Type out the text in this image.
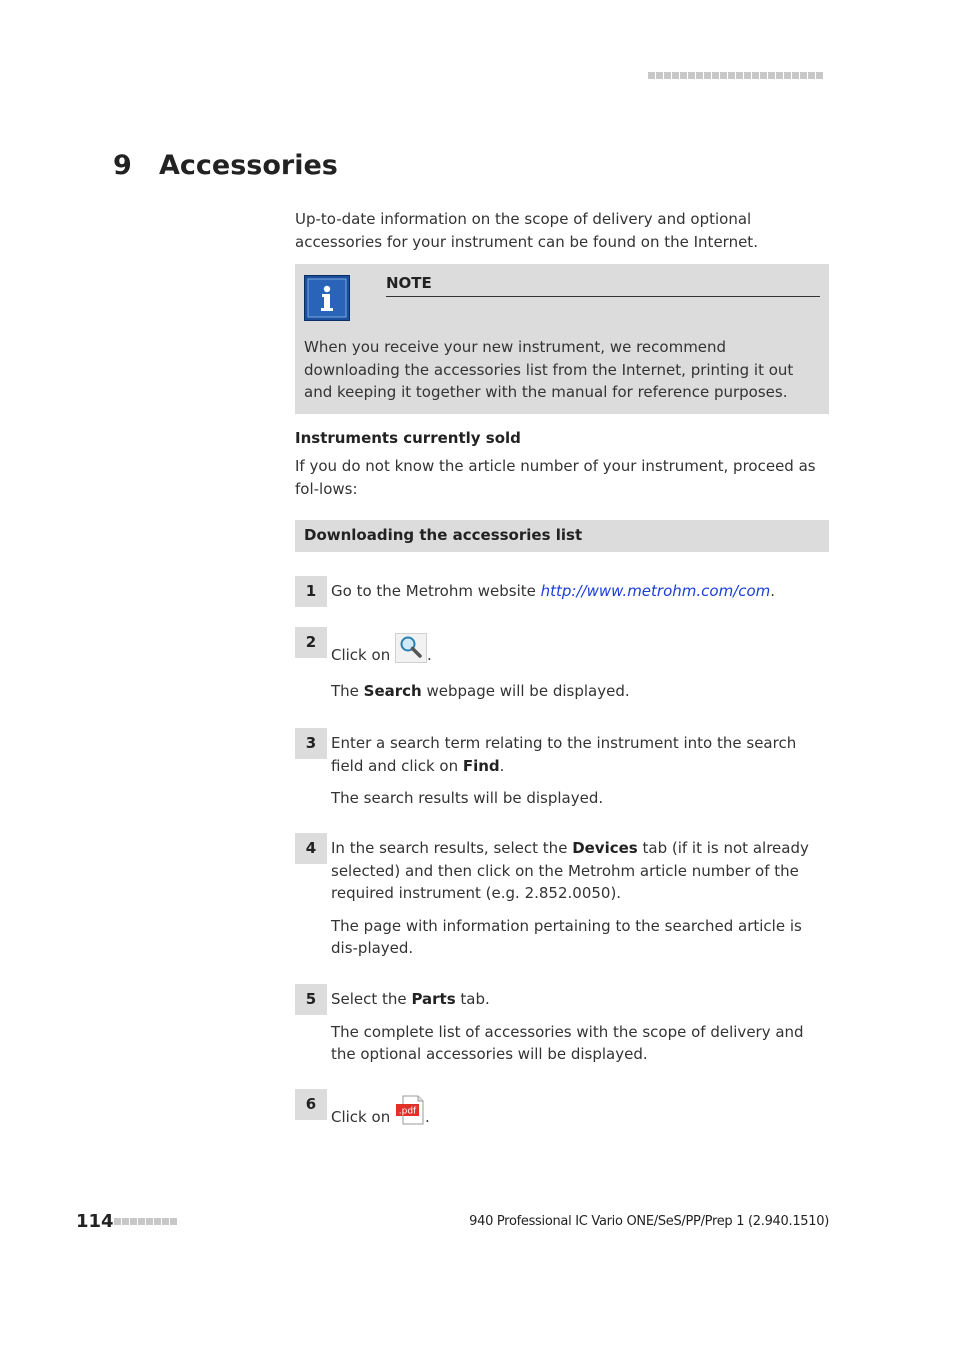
9 Accessories

Up-to-date information on the scope of delivery and optional accessories for your instrument can be found on the Internet.

NOTE

When you receive your new instrument, we recommend downloading the accessories list from the Internet, printing it out and keeping it together with the manual for reference purposes.

Instruments currently sold

If you do not know the article number of your instrument, proceed as fol-lows:

Downloading the accessories list
1 Go to the Metrohm website http://www.metrohm.com/com.

2

Click on .

The Search webpage will be displayed.

3 Enter a search term relating to the instrument into the search field and click on Find.

The search results will be displayed.

4 In the search results, select the Devices tab (if it is not already selected) and then click on the Metrohm article number of the required instrument (e.g. 2.852.0050).

The page with information pertaining to the searched article is dis-played.

5 Select the Parts tab.

The complete list of accessories with the scope of delivery and the optional accessories will be displayed.

6

Click on .pdf .

114	940 Professional IC Vario ONE/SeS/PP/Prep 1 (2.940.1510)
